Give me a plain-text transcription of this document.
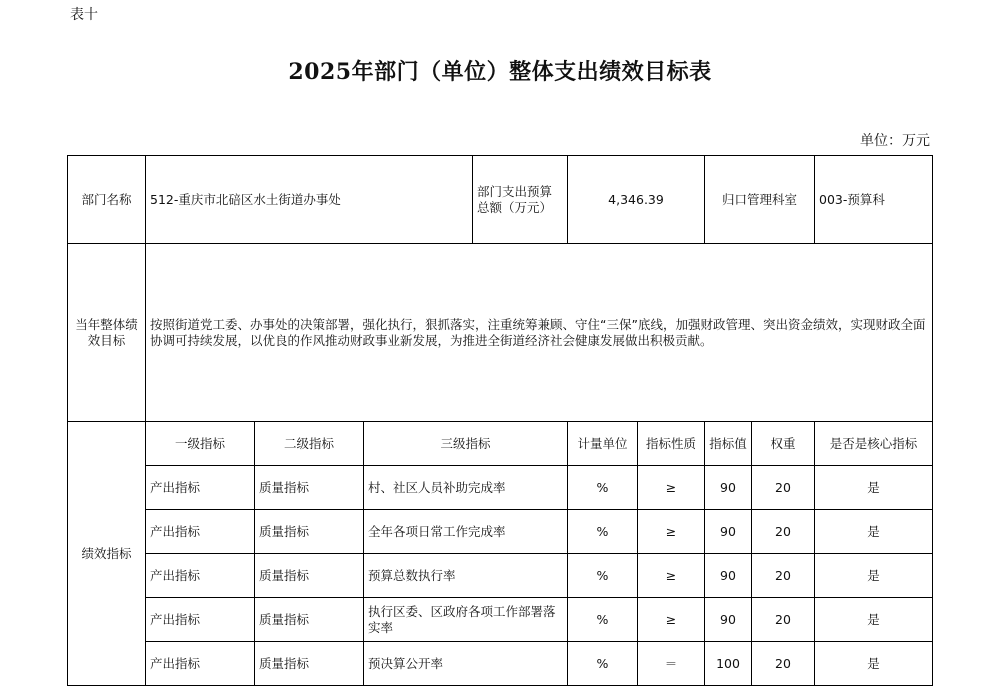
表十
2025年部门（单位）整体支出绩效目标表
单位：万元
部门名称	512-重庆市北碚区水土街道办事处			部门支出预算总额（万元）	4,346.39		归口管理科室		003-预算科
当年整体绩效目标	按照街道党工委、办事处的决策部署，强化执行，狠抓落实，注重统筹兼顾、守住“三保”底线，加强财政管理、突出资金绩效，实现财政全面协调可持续发展，以优良的作风推动财政事业新发展，为推进全街道经济社会健康发展做出积极贡献。								
绩效指标	一级指标	二级指标	三级指标		计量单位	指标性质	指标值	权重	是否是核心指标
	产出指标	质量指标	村、社区人员补助完成率		%	≥	90	20	是
	产出指标	质量指标	全年各项日常工作完成率		%	≥	90	20	是
	产出指标	质量指标	预算总数执行率		%	≥	90	20	是
	产出指标	质量指标	执行区委、区政府各项工作部署落实率		%	≥	90	20	是
	产出指标	质量指标	预决算公开率		%	＝	100	20	是
